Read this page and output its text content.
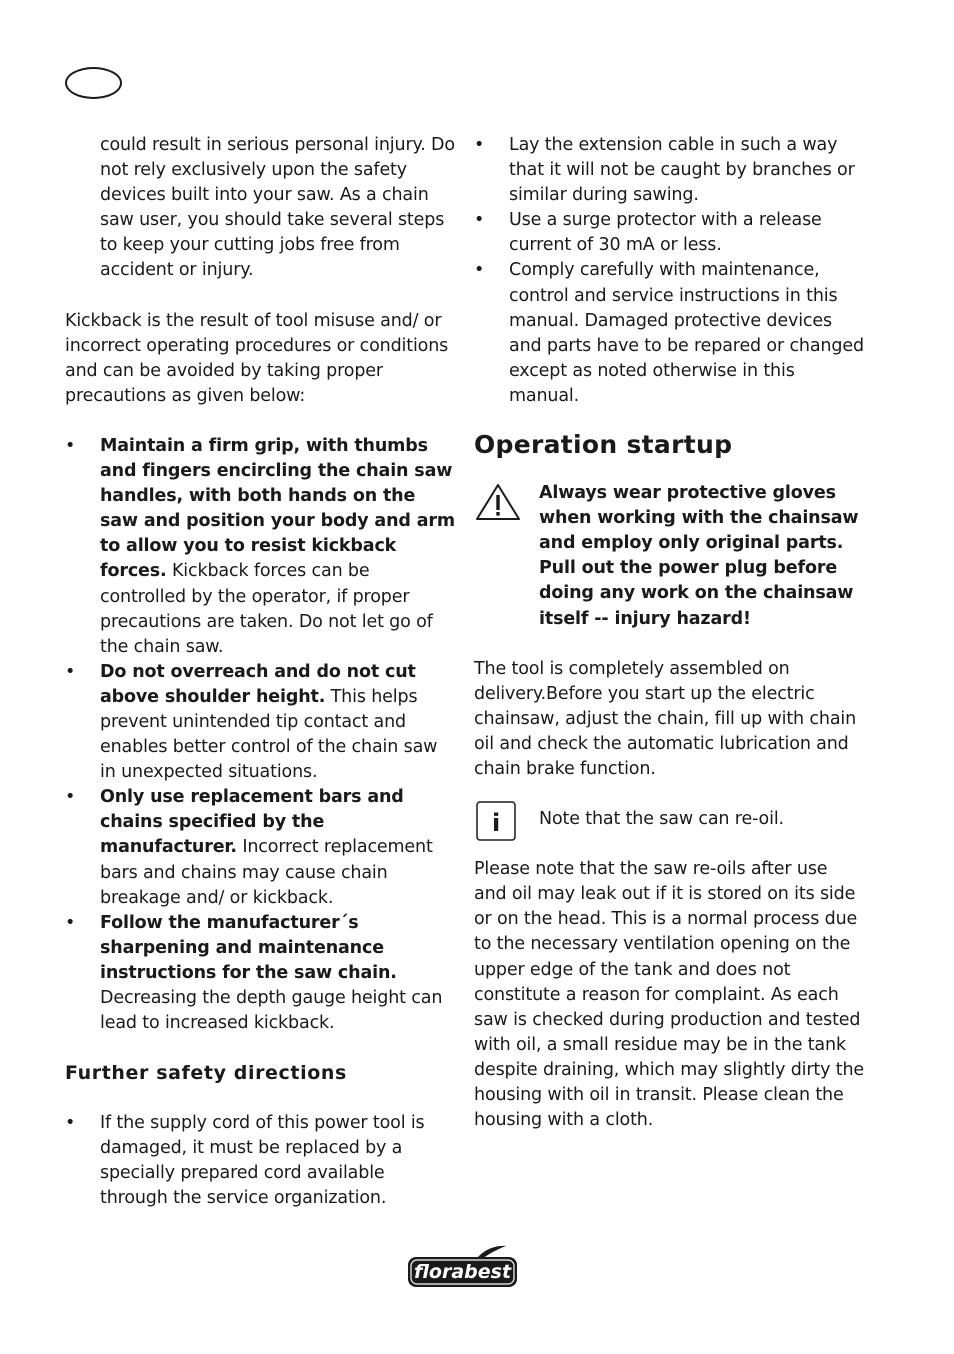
could result in serious personal injury. Do not rely exclusively upon the safety devices built into your saw. As a chain saw user, you should take several steps to keep your cutting jobs free from accident or injury.

Kickback is the result of tool misuse and/ or incorrect operating procedures or conditions and can be avoided by taking proper precautions as given below:

• Maintain a firm grip, with thumbs and fingers encircling the chain saw handles, with both hands on the saw and position your body and arm to allow you to resist kickback forces. Kickback forces can be controlled by the operator, if proper precautions are taken. Do not let go of the chain saw.
• Do not overreach and do not cut above shoulder height. This helps prevent unintended tip contact and enables better control of the chain saw in unexpected situations.
• Only use replacement bars and chains specified by the manufacturer. Incorrect replacement bars and chains may cause chain breakage and/ or kickback.
• Follow the manufacturer´s sharpening and maintenance instructions for the saw chain. Decreasing the depth gauge height can lead to increased kickback.
Further safety directions
• If the supply cord of this power tool is damaged, it must be replaced by a specially prepared cord available through the service organization.
• Lay the extension cable in such a way that it will not be caught by branches or similar during sawing.
• Use a surge protector with a release current of 30 mA or less.
• Comply carefully with maintenance, control and service instructions in this manual. Damaged protective devices and parts have to be repared or changed except as noted otherwise in this manual.
Operation startup
Always wear protective gloves when working with the chainsaw and employ only original parts. Pull out the power plug before doing any work on the chainsaw itself -- injury hazard!

The tool is completely assembled on delivery.Before you start up the electric chainsaw, adjust the chain, fill up with chain oil and check the automatic lubrication and chain brake function.

i Note that the saw can re-oil.

Please note that the saw re-oils after use and oil may leak out if it is stored on its side or on the head. This is a normal process due to the necessary ventilation opening on the upper edge of the tank and does not constitute a reason for complaint. As each saw is checked during production and tested with oil, a small residue may be in the tank despite draining, which may slightly dirty the housing with oil in transit. Please clean the housing with a cloth.

florabest
